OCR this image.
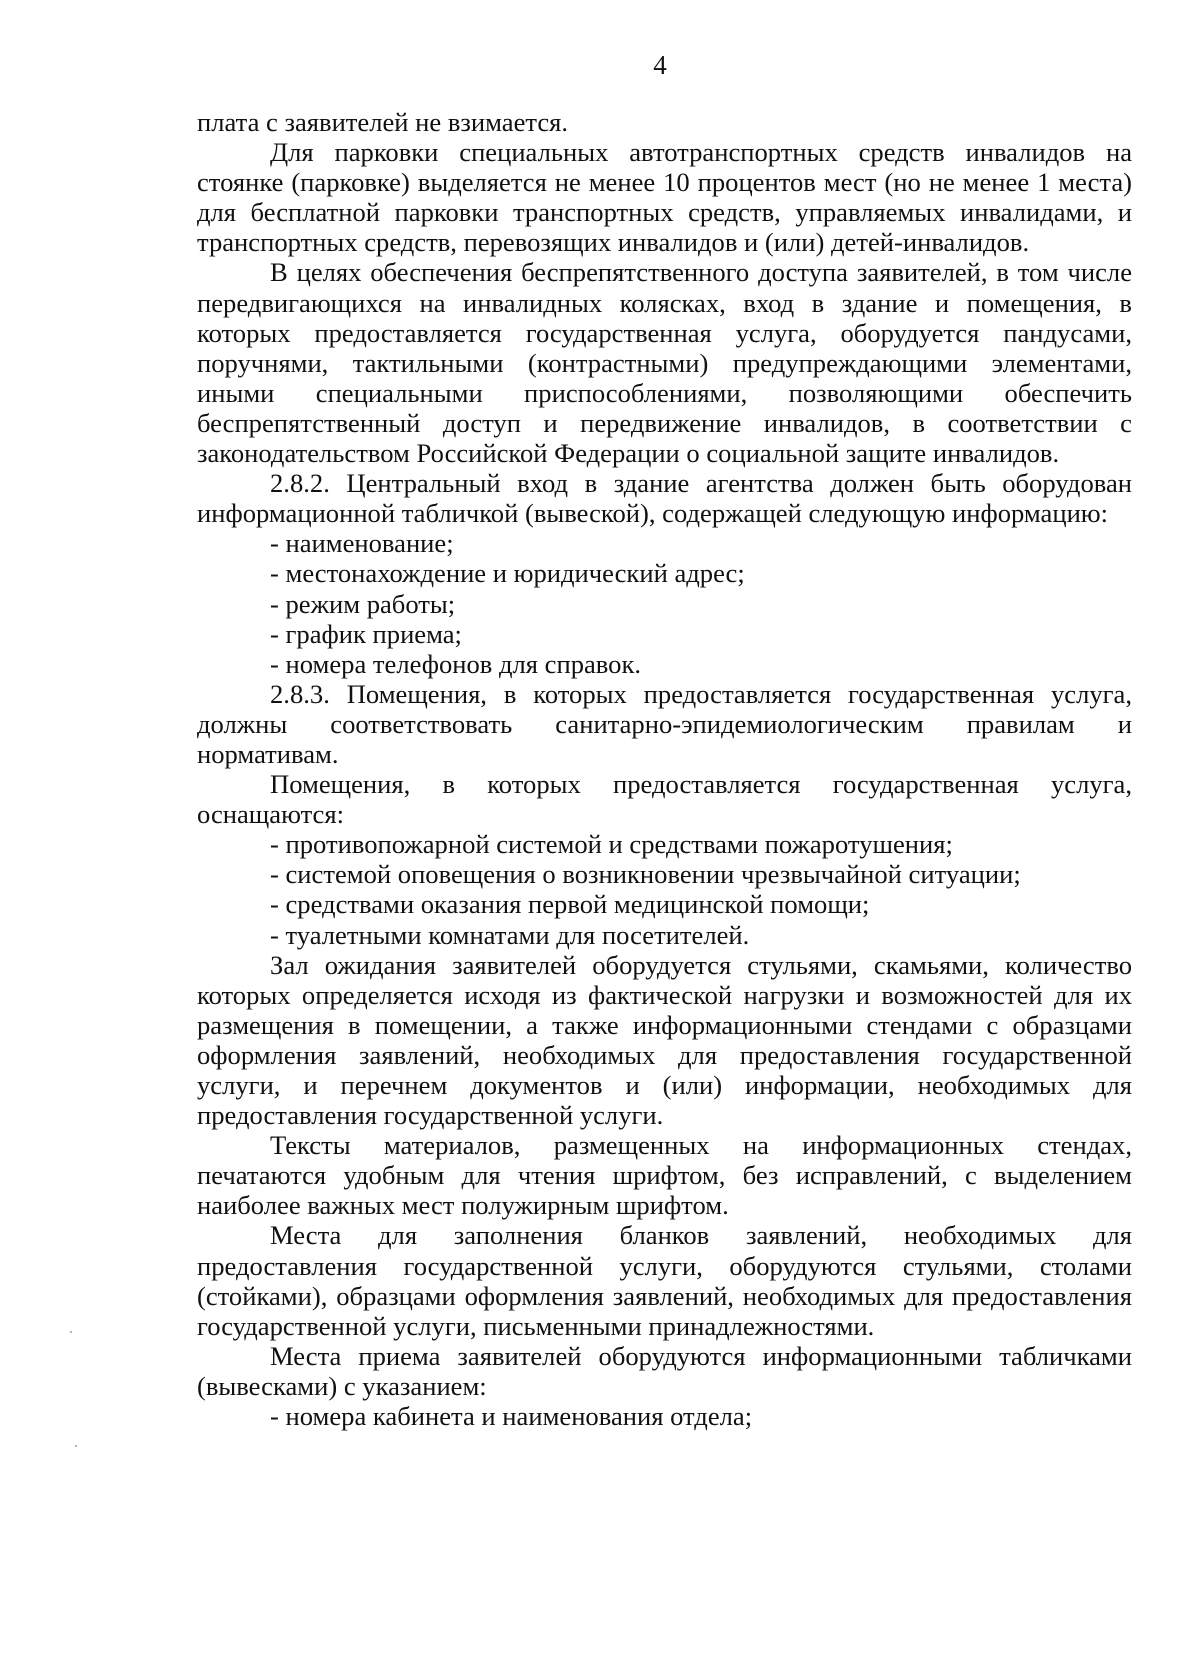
4

плата с заявителей не взимается.

Для парковки специальных автотранспортных средств инвалидов на стоянке (парковке) выделяется не менее 10 процентов мест (но не менее 1 места) для бесплатной парковки транспортных средств, управляемых инвалидами, и транспортных средств, перевозящих инвалидов и (или) детей-инвалидов.

В целях обеспечения беспрепятственного доступа заявителей, в том числе передвигающихся на инвалидных колясках, вход в здание и помещения, в которых предоставляется государственная услуга, оборудуется пандусами, поручнями, тактильными (контрастными) предупреждающими элементами, иными специальными приспособлениями, позволяющими обеспечить беспрепятственный доступ и передвижение инвалидов, в соответствии с законодательством Российской Федерации о социальной защите инвалидов.

2.8.2. Центральный вход в здание агентства должен быть оборудован информационной табличкой (вывеской), содержащей следующую информацию:

- наименование;

- местонахождение и юридический адрес;

- режим работы;

- график приема;

- номера телефонов для справок.

2.8.3. Помещения, в которых предоставляется государственная услуга, должны соответствовать санитарно-эпидемиологическим правилам и нормативам.

Помещения, в которых предоставляется государственная услуга, оснащаются:

- противопожарной системой и средствами пожаротушения;

- системой оповещения о возникновении чрезвычайной ситуации;

- средствами оказания первой медицинской помощи;

- туалетными комнатами для посетителей.

Зал ожидания заявителей оборудуется стульями, скамьями, количество которых определяется исходя из фактической нагрузки и возможностей для их размещения в помещении, а также информационными стендами с образцами оформления заявлений, необходимых для предоставления государственной услуги, и перечнем документов и (или) информации, необходимых для предоставления государственной услуги.

Тексты материалов, размещенных на информационных стендах, печатаются удобным для чтения шрифтом, без исправлений, с выделением наиболее важных мест полужирным шрифтом.

Места для заполнения бланков заявлений, необходимых для предоставления государственной услуги, оборудуются стульями, столами (стойками), образцами оформления заявлений, необходимых для предоставления государственной услуги, письменными принадлежностями.

Места приема заявителей оборудуются информационными табличками (вывесками) с указанием:

- номера кабинета и наименования отдела;
